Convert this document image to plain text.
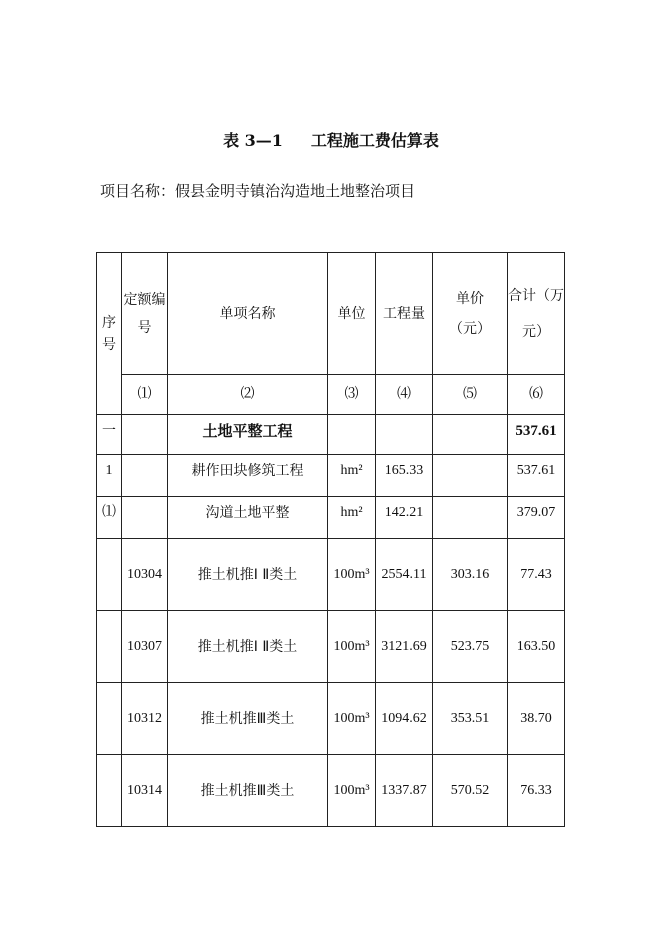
表 3—1 工程施工费估算表
项目名称：假县金明寺镇治沟造地土地整治项目
序号	定额编号	单项名称	单位	工程量	单价（元）	合计（万元）

	⑴	⑵	⑶	⑷	⑸	⑹
一		土地平整工程				537.61
1		耕作田块修筑工程	hm²	165.33		537.61
⑴		沟道土地平整	hm²	142.21		379.07
	10304	推土机推Ⅰ Ⅱ类土	100m³	2554.11	303.16	77.43
	10307	推土机推Ⅰ Ⅱ类土	100m³	3121.69	523.75	163.50
	10312	推土机推Ⅲ类土	100m³	1094.62	353.51	38.70
	10314	推土机推Ⅲ类土	100m³	1337.87	570.52	76.33
